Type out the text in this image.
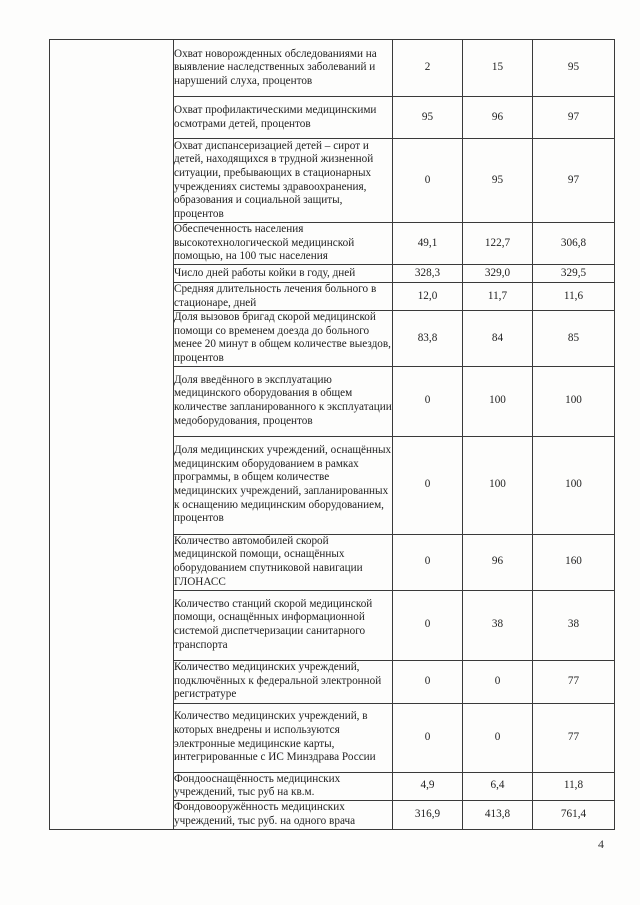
	Охват новорожденных обследованиями на выявление наследственных заболеваний и нарушений слуха, процентов	2	15	95
	Охват профилактическими медицинскими осмотрами детей, процентов	95	96	97
	Охват диспансеризацией детей – сирот и детей, находящихся в трудной жизненной ситуации, пребывающих в стационарных учреждениях системы здравоохранения, образования и социальной защиты, процентов	0	95	97
	Обеспеченность населения высокотехнологической медицинской помощью, на 100 тыс населения	49,1	122,7	306,8
	Число дней работы койки в году, дней	328,3	329,0	329,5
	Средняя длительность лечения больного в стационаре, дней	12,0	11,7	11,6
	Доля вызовов бригад скорой медицинской помощи со временем доезда до больного менее 20 минут в общем количестве выездов, процентов	83,8	84	85
	Доля введённого в эксплуатацию медицинского оборудования в общем количестве запланированного к эксплуатации медоборудования, процентов	0	100	100
	Доля медицинских учреждений, оснащённых медицинским оборудованием в рамках программы, в общем количестве медицинских учреждений, запланированных к оснащению медицинским оборудованием, процентов	0	100	100
	Количество автомобилей скорой медицинской помощи, оснащённых оборудованием спутниковой навигации ГЛОНАСС	0	96	160
	Количество станций скорой медицинской помощи, оснащённых информационной системой диспетчеризации санитарного транспорта	0	38	38
	Количество медицинских учреждений, подключённых к федеральной электронной регистратуре	0	0	77
	Количество медицинских учреждений, в которых внедрены и используются электронные медицинские карты, интегрированные с ИС Минздрава России	0	0	77
	Фондооснащённость медицинских учреждений, тыс руб на кв.м.	4,9	6,4	11,8
	Фондовооружённость медицинских учреждений, тыс руб. на одного врача	316,9	413,8	761,4
4
